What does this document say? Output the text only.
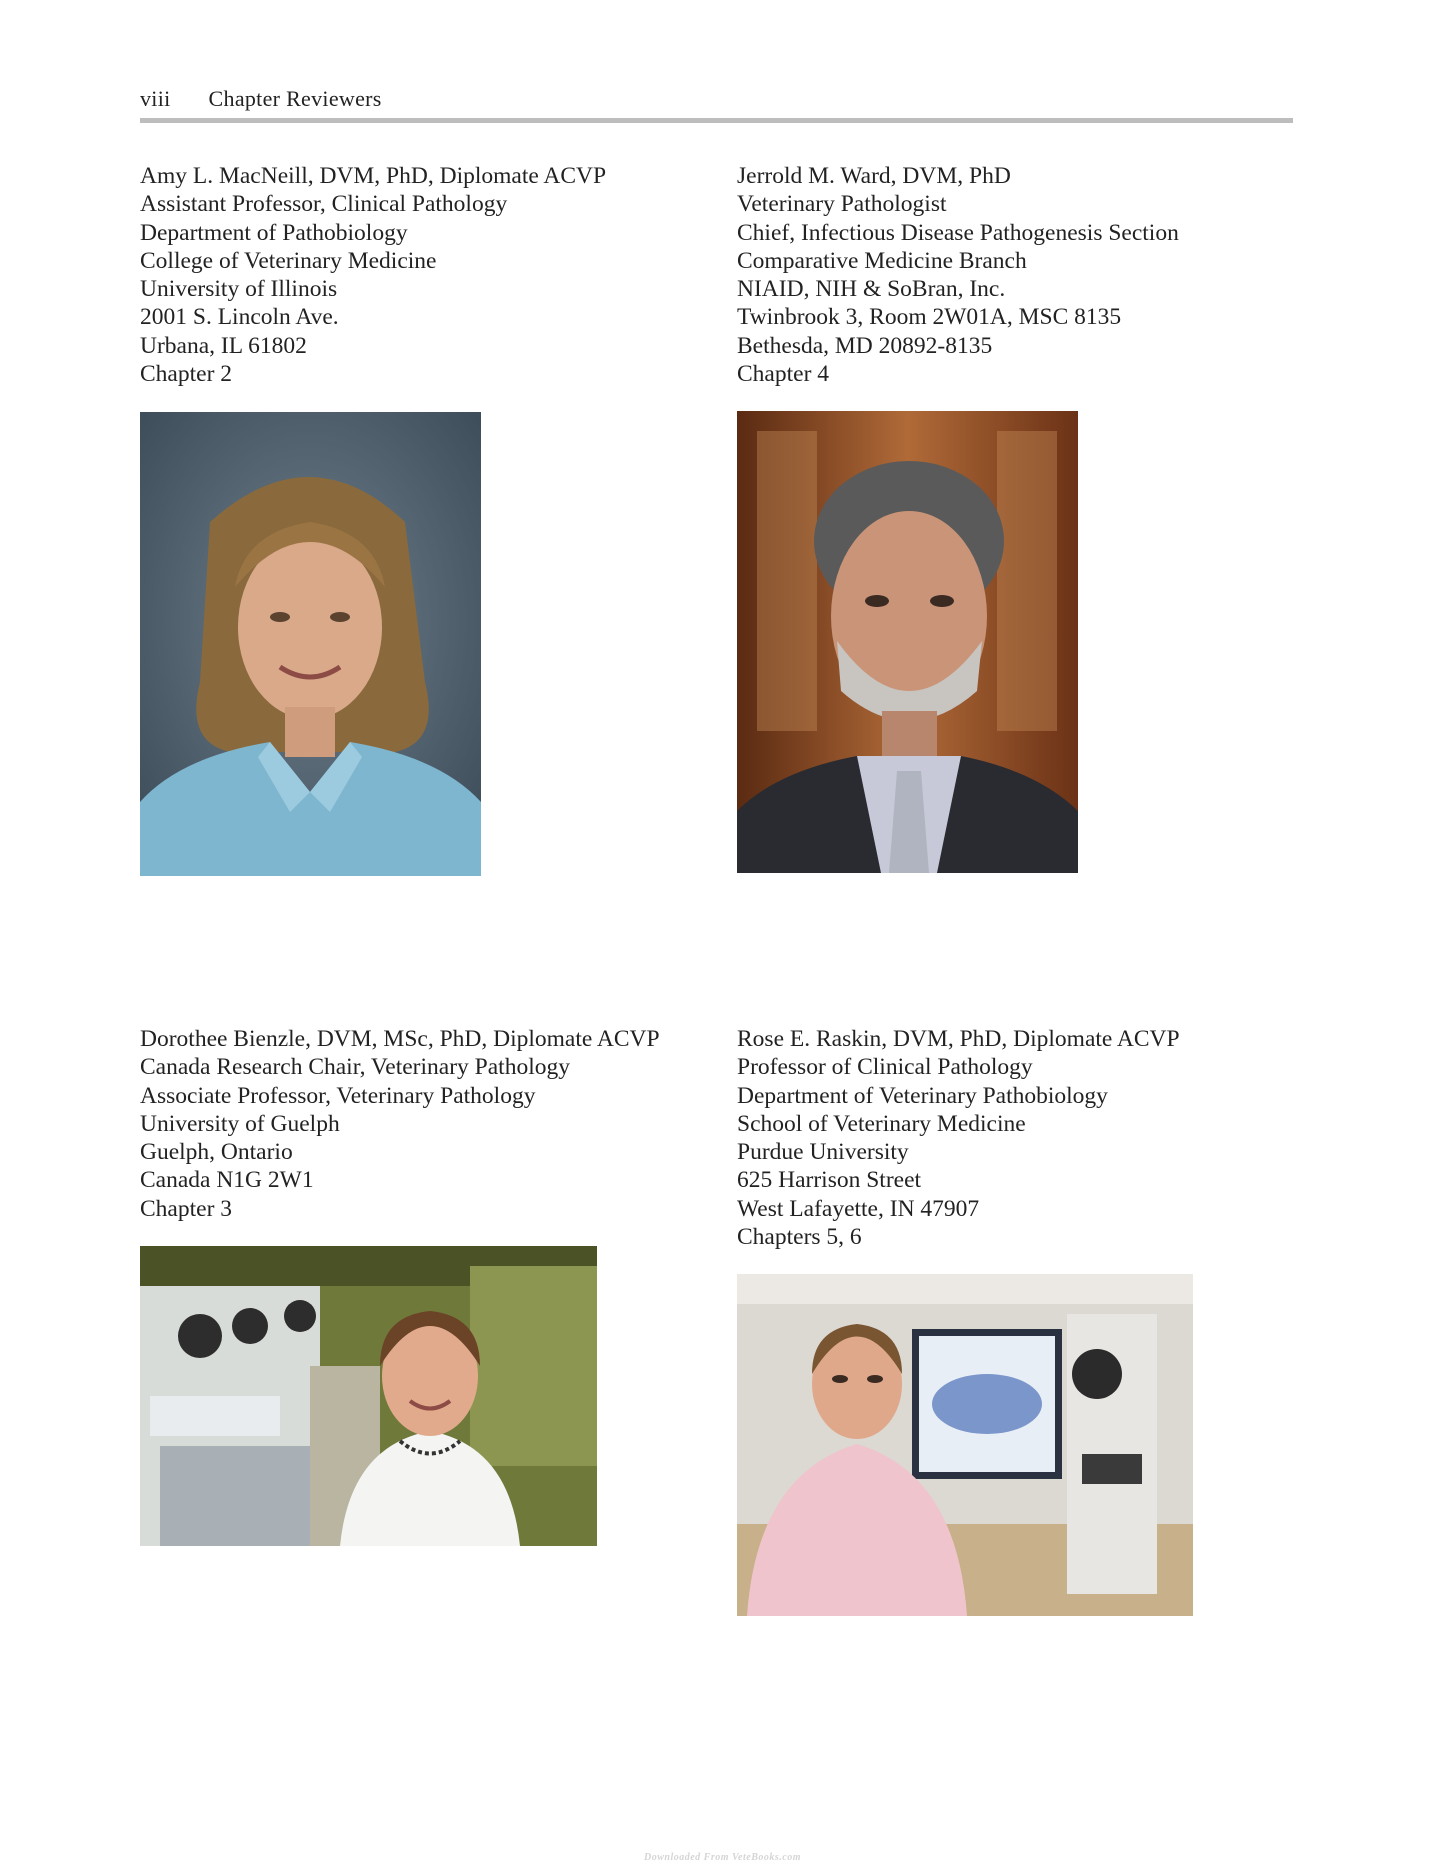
viii Chapter Reviewers
Amy L. MacNeill, DVM, PhD, Diplomate ACVP
Assistant Professor, Clinical Pathology
Department of Pathobiology
College of Veterinary Medicine
University of Illinois
2001 S. Lincoln Ave.
Urbana, IL 61802
Chapter 2
Jerrold M. Ward, DVM, PhD
Veterinary Pathologist
Chief, Infectious Disease Pathogenesis Section
Comparative Medicine Branch
NIAID, NIH & SoBran, Inc.
Twinbrook 3, Room 2W01A, MSC 8135
Bethesda, MD 20892-8135
Chapter 4
Dorothee Bienzle, DVM, MSc, PhD, Diplomate ACVP
Canada Research Chair, Veterinary Pathology
Associate Professor, Veterinary Pathology
University of Guelph
Guelph, Ontario
Canada N1G 2W1
Chapter 3
Rose E. Raskin, DVM, PhD, Diplomate ACVP
Professor of Clinical Pathology
Department of Veterinary Pathobiology
School of Veterinary Medicine
Purdue University
625 Harrison Street
West Lafayette, IN 47907
Chapters 5, 6
Downloaded From VeteBooks.com
